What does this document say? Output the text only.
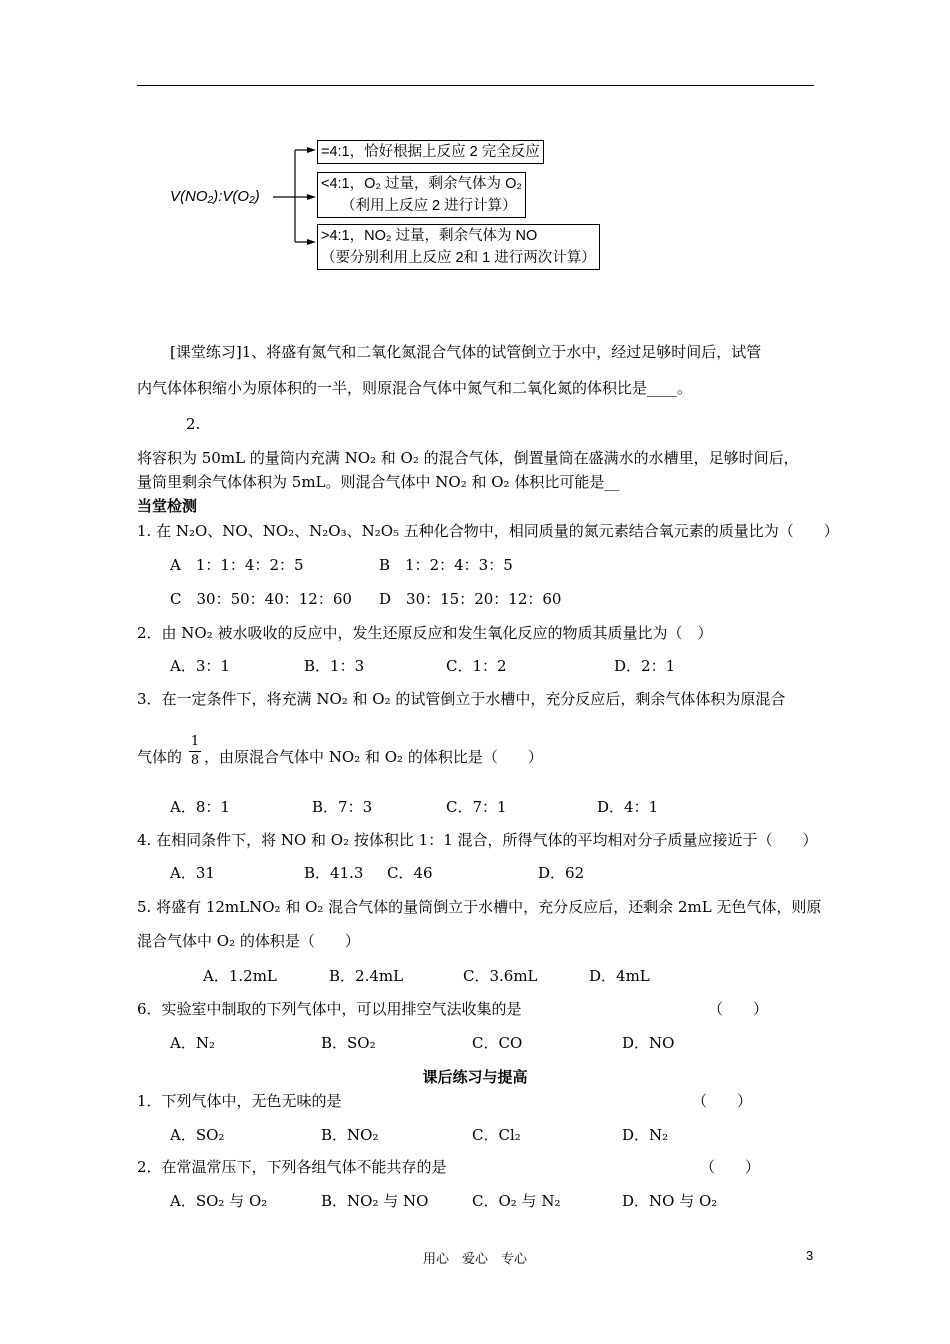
V(NO₂):V(O₂)
=4:1，恰好根据上反应 2 完全反应
<4:1，O₂ 过量，剩余气体为 O₂
（利用上反应 2 进行计算）
>4:1，NO₂ 过量，剩余气体为 NO
（要分别利用上反应 2和 1 进行两次计算）
[课堂练习]1、将盛有氮气和二氧化氮混合气体的试管倒立于水中，经过足够时间后，试管
内气体体积缩小为原体积的一半，则原混合气体中氮气和二氧化氮的体积比是____。
2.
将容积为 50mL 的量筒内充满 NO₂ 和 O₂ 的混合气体，倒置量筒在盛满水的水槽里，足够时间后，
量筒里剩余气体体积为 5mL。则混合气体中 NO₂ 和 O₂ 体积比可能是__
当堂检测
1. 在 N₂O、NO、NO₂、N₂O₃、N₂O₅ 五种化合物中，相同质量的氮元素结合氧元素的质量比为（　　）
A　1：1：4：2：5	B　1：2：4：3：5
C　30：50：40：12：60 D　30：15：20：12：60
2．由 NO₂ 被水吸收的反应中，发生还原反应和发生氧化反应的物质其质量比为（　）
A．3：1	B．1：3	C．1：2	D．2：1
3．在一定条件下，将充满 NO₂ 和 O₂ 的试管倒立于水槽中，充分反应后，剩余气体体积为原混合
气体的
1
8 ，由原混合气体中 NO₂ 和 O₂ 的体积比是（　　）
A．8：1	B．7：3	C．7：1	D．4：1
4. 在相同条件下，将 NO 和 O₂ 按体积比 1：1 混合，所得气体的平均相对分子质量应接近于（　　）
A．31	B．41.3 C．46	D．62
5. 将盛有 12mLNO₂ 和 O₂ 混合气体的量筒倒立于水槽中，充分反应后，还剩余 2mL 无色气体，则原
混合气体中 O₂ 的体积是（　　）
A．1.2mL	B．2.4mL	C．3.6mL	D．4mL
6．实验室中制取的下列气体中，可以用排空气法收集的是	（　　）
A．N₂	B．SO₂	C．CO	D．NO
课后练习与提高
1．下列气体中，无色无味的是	（　　）
A．SO₂	B．NO₂	C．Cl₂	D．N₂
2．在常温常压下，下列各组气体不能共存的是	（　　）
A．SO₂ 与 O₂	B．NO₂ 与 NO	C．O₂ 与 N₂	D．NO 与 O₂
用心　爱心　专心	3
